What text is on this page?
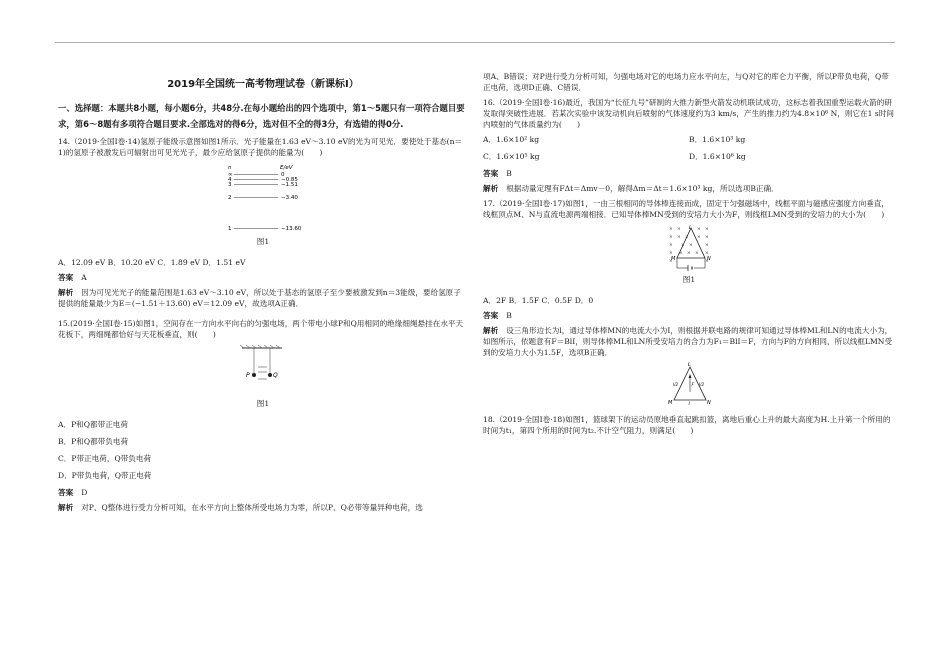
2019年全国统一高考物理试卷（新课标Ⅰ）
一、选择题：本题共8小题，每小题6分，共48分.在每小题给出的四个选项中，第1～5题只有一项符合题目要求，第6～8题有多项符合题目要求.全部选对的得6分，选对但不全的得3分，有选错的得0分.
14.（2019·全国Ⅰ卷·14)氢原子能级示意图如图1所示．光子能量在1.63 eV～3.10 eV的光为可见光．要使处于基态(n＝1)的氢原子被激发后可辐射出可见光光子，最少应给氢原子提供的能量为(　　)
n	E/eV
∞	0
4	−0.85
3	−1.51
2	−3.40
1	−13.60
图1
A．12.09 eV B．10.20 eV C．1.89 eV D．1.51 eV
答案 A
解析 因为可见光光子的能量范围是1.63 eV～3.10 eV，所以处于基态的氢原子至少要被激发到n＝3能级，要给氢原子提供的能量最少为E＝(−1.51＋13.60) eV＝12.09 eV，故选项A正确．
15.(2019·全国Ⅰ卷·15)如图1，空间存在一方向水平向右的匀强电场，两个带电小球P和Q用相同的绝缘细绳悬挂在水平天花板下，两细绳都恰好与天花板垂直，则(　　)
P	Q
图1
A．P和Q都带正电荷
B．P和Q都带负电荷
C．P带正电荷，Q带负电荷
D．P带负电荷，Q带正电荷
答案 D
解析 对P、Q整体进行受力分析可知，在水平方向上整体所受电场力为零，所以P、Q必带等量异种电荷，选
项A、B错误；对P进行受力分析可知，匀强电场对它的电场力应水平向左，与Q对它的库仑力平衡，所以P带负电荷，Q带正电荷，选项D正确、C错误．
16.（2019·全国Ⅰ卷·16)最近，我国为“长征九号”研制的大推力新型火箭发动机联试成功，这标志着我国重型运载火箭的研发取得突破性进展．若某次实验中该发动机向后喷射的气体速度约为3 km/s，产生的推力约为4.8×10⁶ N，则它在1 s时间内喷射的气体质量约为(　　)
A．1.6×10² kg	B．1.6×10³ kg
C．1.6×10⁵ kg	D．1.6×10⁶ kg
答案 B
解析 根据动量定理有FΔt＝Δmv－0，解得Δm＝Δt＝1.6×10³ kg，所以选项B正确．
17.（2019·全国Ⅰ卷·17)如图1，一由三根相同的导体棒连接而成，固定于匀强磁场中，线框平面与磁感应强度方向垂直，线框顶点M、N与直流电源两端相接．已知导体棒MN受到的安培力大小为F，则线框LMN受到的安培力的大小为(　　)
× ×	× ×
× × × × ×
× × ×	×
× × × × ×
×	×
L
M	N
图1
A．2F B．1.5F C．0.5F D．0
答案 B
解析 设三角形边长为l，通过导体棒MN的电流大小为I，则根据并联电路的规律可知通过导体棒ML和LN的电流大小为，如图所示，依题意有F＝BlI，则导体棒ML和LN所受安培力的合力为F₁＝BlI＝F，方向与F的方向相同，所以线框LMN受到的安培力大小为1.5F，选项B正确．
L
M	N
F
I/2	I/2
I
18.（2019·全国Ⅰ卷·18)如图1，篮球架下的运动员原地垂直起跳扣篮，离地后重心上升的最大高度为H.上升第一个所用的时间为t₁，第四个所用的时间为t₂.不计空气阻力，则满足(　　)
